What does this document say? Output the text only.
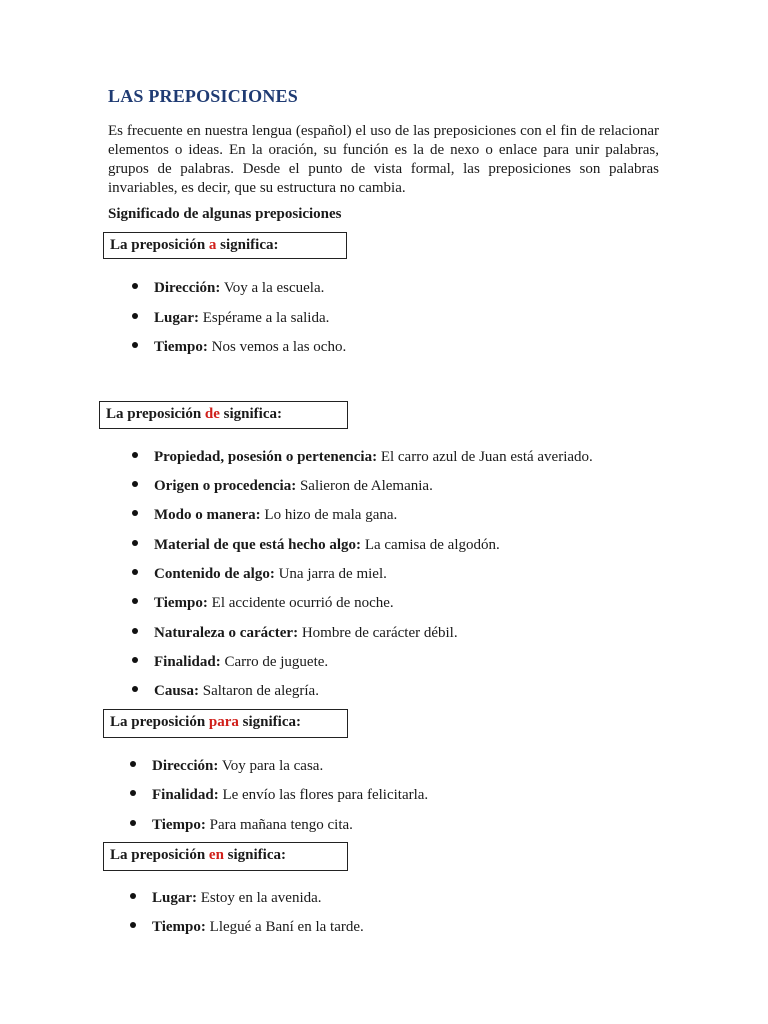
LAS PREPOSICIONES

Es frecuente en nuestra lengua (español) el uso de las preposiciones con el fin de relacionar elementos o ideas. En la oración, su función es la de nexo o enlace para unir palabras, grupos de palabras. Desde el punto de vista formal, las preposiciones son palabras invariables, es decir, que su estructura no cambia.

Significado de algunas preposiciones
La preposición a significa:
Dirección: Voy a la escuela.
Lugar: Espérame a la salida.
Tiempo: Nos vemos a las ocho.
La preposición de significa:
Propiedad, posesión o pertenencia: El carro azul de Juan está averiado.
Origen o procedencia: Salieron de Alemania.
Modo o manera: Lo hizo de mala gana.
Material de que está hecho algo: La camisa de algodón.
Contenido de algo: Una jarra de miel.
Tiempo: El accidente ocurrió de noche.
Naturaleza o carácter: Hombre de carácter débil.
Finalidad: Carro de juguete.
Causa: Saltaron de alegría.
La preposición para significa:
Dirección: Voy para la casa.
Finalidad: Le envío las flores para felicitarla.
Tiempo: Para mañana tengo cita.
La preposición en significa:
Lugar: Estoy en la avenida.
Tiempo: Llegué a Baní en la tarde.
